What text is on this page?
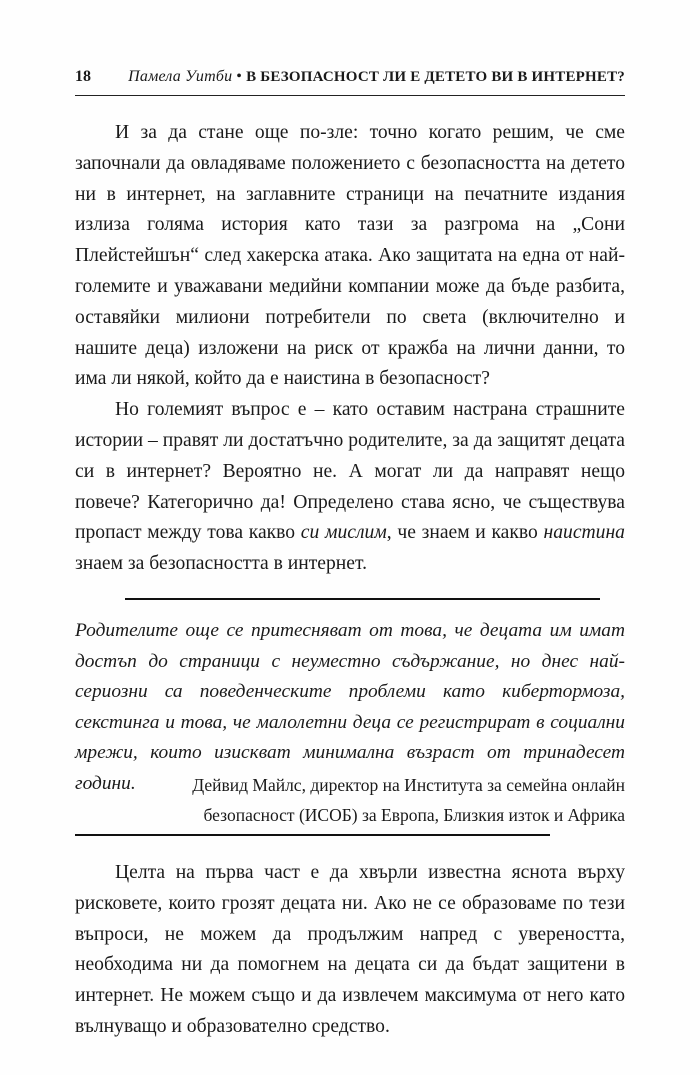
18 Памела Уитби • В БЕЗОПАСНОСТ ЛИ Е ДЕТЕТО ВИ В ИНТЕРНЕТ?

И за да стане още по-зле: точно когато решим, че сме започнали да овладяваме положението с безопасността на детето ни в интернет, на заглавните страници на печатните издания излиза голяма история като тази за разгрома на „Сони Плейстейшън“ след хакерска атака. Ако защитата на една от най-големите и уважавани медийни компании може да бъде разбита, оставяйки милиони потребители по света (включително и нашите деца) изложени на риск от кражба на лични данни, то има ли някой, който да е наистина в безопасност?

Но големият въпрос е – като оставим настрана страшните истории – правят ли достатъчно родителите, за да защитят децата си в интернет? Вероятно не. А могат ли да направят нещо повече? Категорично да! Определено става ясно, че съществува пропаст между това какво си мислим, че знаем и какво наистина знаем за безопасността в интернет.

Родителите още се притесняват от това, че децата им имат достъп до страници с неуместно съдържание, но днес най-сериозни са поведенческите проблеми като кибертормоза, секстинга и това, че малолетни деца се регистрират в социални мрежи, които изискват минимална възраст от тринадесет години.	Дейвид Майлс, директор на Института за семейна онлайн
безопасност (ИСОБ) за Европа, Близкия изток и Африка

Целта на първа част е да хвърли известна яснота върху рисковете, които грозят децата ни. Ако не се образоваме по тези въпроси, не можем да продължим напред с увереността, необходима ни да помогнем на децата си да бъдат защитени в интернет. Не можем също и да извлечем максимума от него като вълнуващо и образователно средство.
